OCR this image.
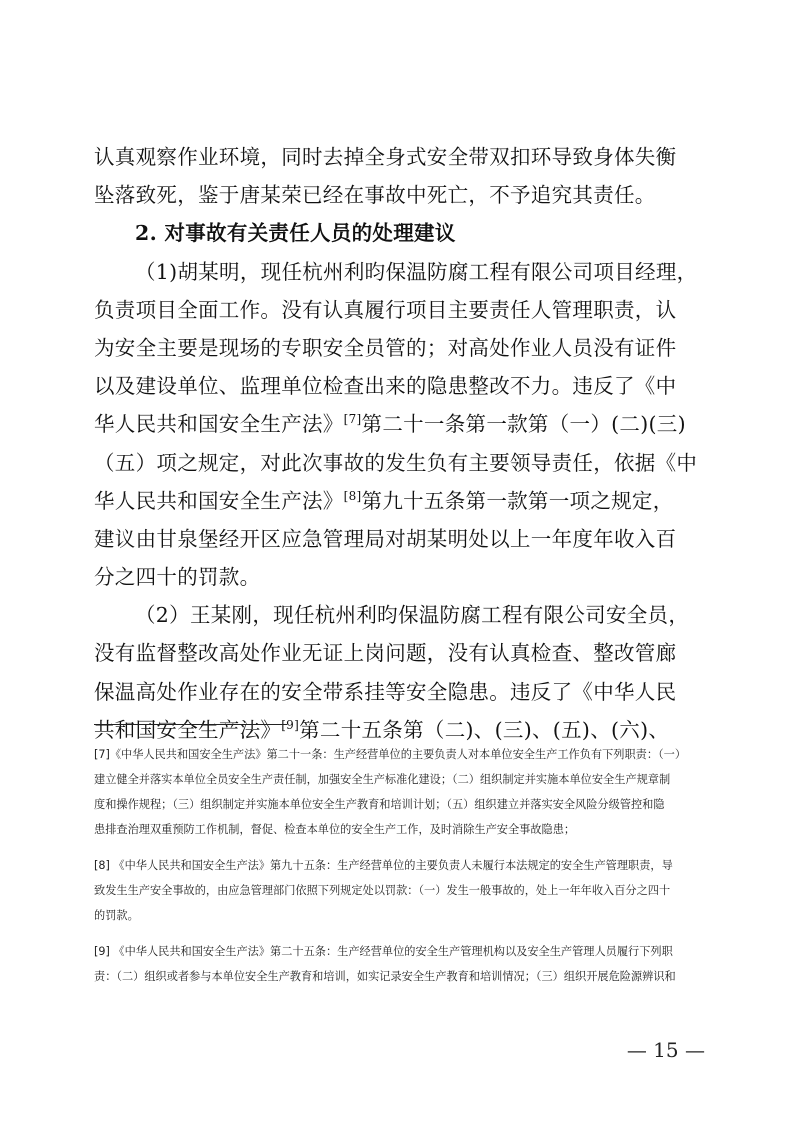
认真观察作业环境，同时去掉全身式安全带双扣环导致身体失衡
坠落致死，鉴于唐某荣已经在事故中死亡，不予追究其责任。
2. 对事故有关责任人员的处理建议
（1)胡某明，现任杭州利昀保温防腐工程有限公司项目经理，
负责项目全面工作。没有认真履行项目主要责任人管理职责，认
为安全主要是现场的专职安全员管的；对高处作业人员没有证件
以及建设单位、监理单位检查出来的隐患整改不力。违反了《中
华人民共和国安全生产法》[7]第二十一条第一款第（一）(二)(三)
（五）项之规定，对此次事故的发生负有主要领导责任，依据《中
华人民共和国安全生产法》[8]第九十五条第一款第一项之规定，
建议由甘泉堡经开区应急管理局对胡某明处以上一年度年收入百
分之四十的罚款。
（2）王某刚，现任杭州利昀保温防腐工程有限公司安全员，
没有监督整改高处作业无证上岗问题，没有认真检查、整改管廊
保温高处作业存在的安全带系挂等安全隐患。违反了《中华人民
共和国安全生产法》[9]第二十五条第（二)、(三)、(五)、(六)、
[7]《中华人民共和国安全生产法》第二十一条：生产经营单位的主要负责人对本单位安全生产工作负有下列职责：（一）
建立健全并落实本单位全员安全生产责任制，加强安全生产标准化建设；（二）组织制定并实施本单位安全生产规章制
度和操作规程；（三）组织制定并实施本单位安全生产教育和培训计划；（五）组织建立并落实安全风险分级管控和隐
患排查治理双重预防工作机制，督促、检查本单位的安全生产工作，及时消除生产安全事故隐患；
[8] 《中华人民共和国安全生产法》第九十五条：生产经营单位的主要负责人未履行本法规定的安全生产管理职责，导
致发生生产安全事故的，由应急管理部门依照下列规定处以罚款：（一）发生一般事故的，处上一年年收入百分之四十
的罚款。
[9] 《中华人民共和国安全生产法》第二十五条：生产经营单位的安全生产管理机构以及安全生产管理人员履行下列职
责：（二）组织或者参与本单位安全生产教育和培训，如实记录安全生产教育和培训情况；（三）组织开展危险源辨识和
— 15 —
